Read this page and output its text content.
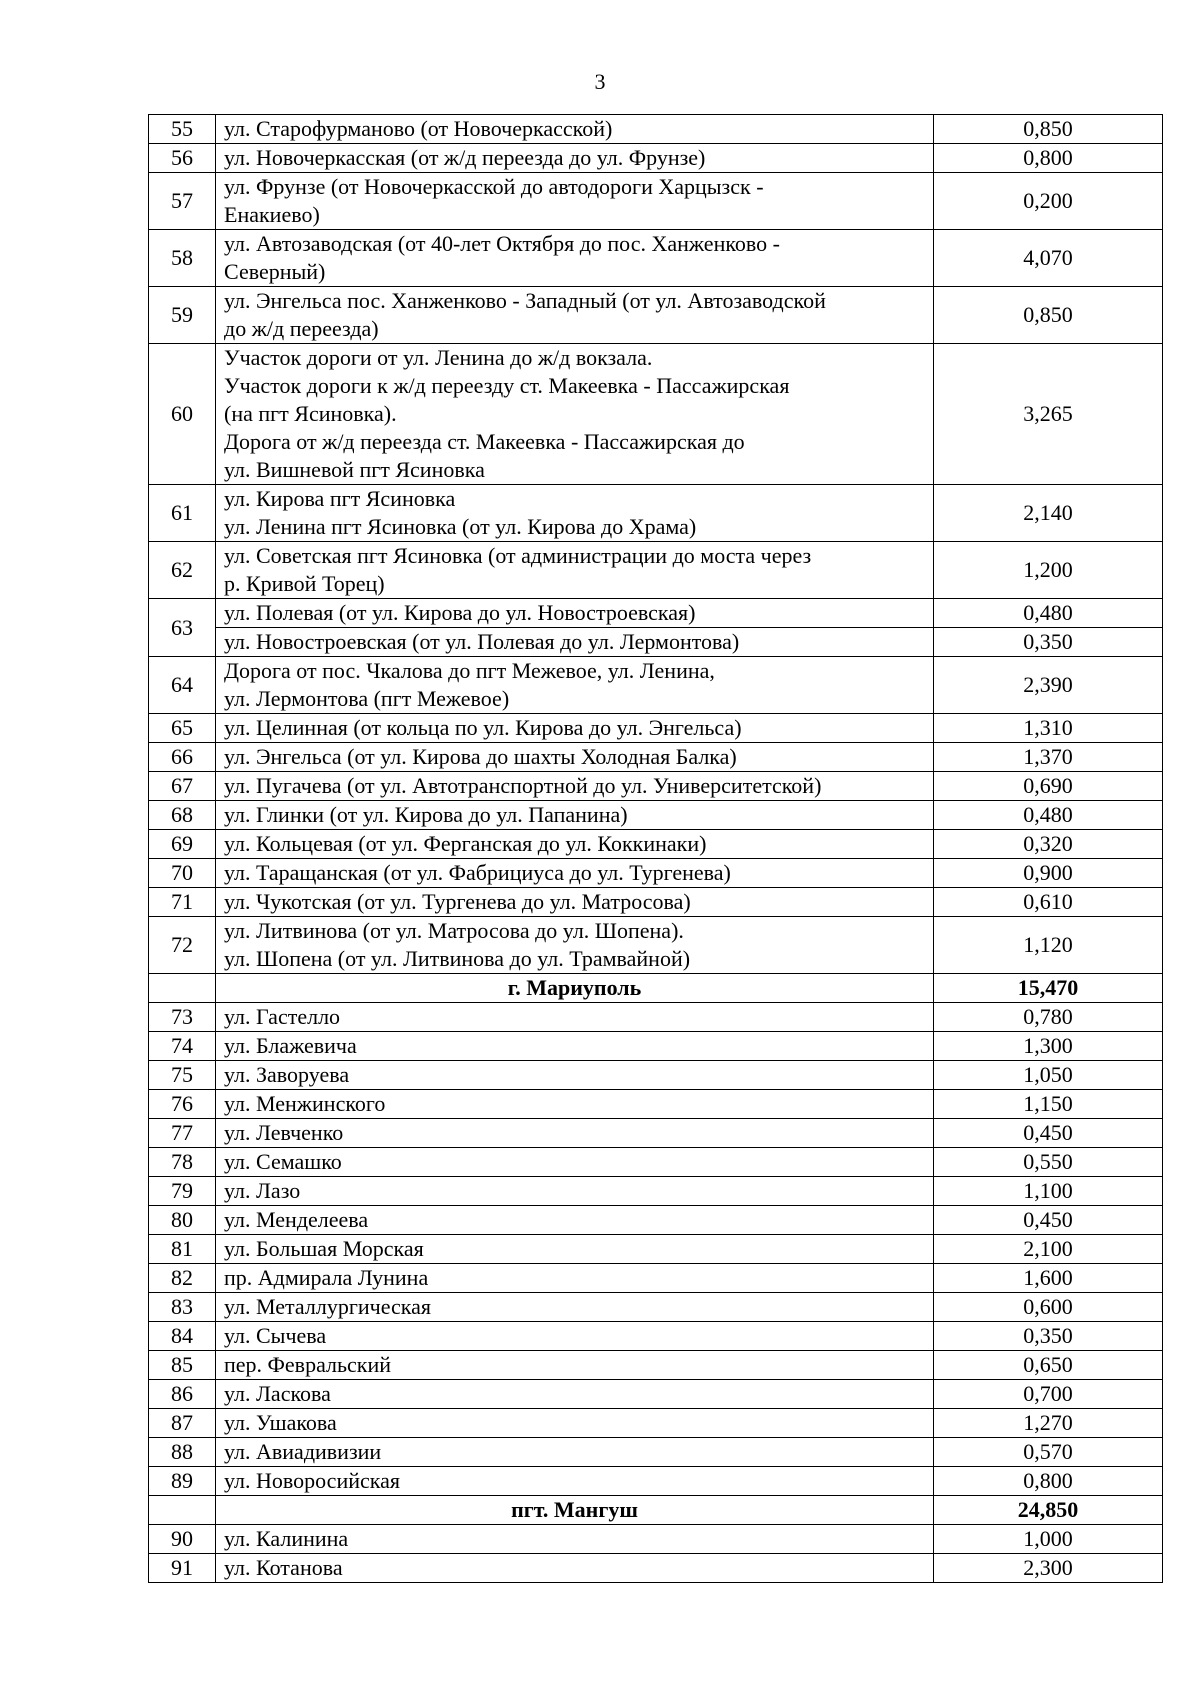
3
55	ул. Старофурманово (от Новочеркасской)	0,850
56	ул. Новочеркасская (от ж/д переезда до ул. Фрунзе)	0,800
57	ул. Фрунзе (от Новочеркасской до автодороги Харцызск -
Енакиево)	0,200
58	ул. Автозаводская (от 40-лет Октября до пос. Ханженково -
Северный)	4,070
59	ул. Энгельса пос. Ханженково - Западный (от ул. Автозаводской
до ж/д переезда)	0,850
60	Участок дороги от ул. Ленина до ж/д вокзала.
Участок дороги к ж/д переезду ст. Макеевка - Пассажирская
(на пгт Ясиновка).
Дорога от ж/д переезда ст. Макеевка - Пассажирская до
ул. Вишневой пгт Ясиновка	3,265
61	ул. Кирова пгт Ясиновка
ул. Ленина пгт Ясиновка (от ул. Кирова до Храма)	2,140
62	ул. Советская пгт Ясиновка (от администрации до моста через
р. Кривой Торец)	1,200
63	ул. Полевая (от ул. Кирова до ул. Новостроевская)	0,480

	ул. Новостроевская (от ул. Полевая до ул. Лермонтова)	0,350
64	Дорога от пос. Чкалова до пгт Межевое, ул. Ленина,
ул. Лермонтова (пгт Межевое)	2,390
65	ул. Целинная (от кольца по ул. Кирова до ул. Энгельса)	1,310
66	ул. Энгельса (от ул. Кирова до шахты Холодная Балка)	1,370
67	ул. Пугачева (от ул. Автотранспортной до ул. Университетской)	0,690
68	ул. Глинки (от ул. Кирова до ул. Папанина)	0,480
69	ул. Кольцевая (от ул. Ферганская до ул. Коккинаки)	0,320
70	ул. Таращанская (от ул. Фабрициуса до ул. Тургенева)	0,900
71	ул. Чукотская (от ул. Тургенева до ул. Матросова)	0,610
72	ул. Литвинова (от ул. Матросова до ул. Шопена).
ул. Шопена (от ул. Литвинова до ул. Трамвайной)	1,120

	г. Мариуполь	15,470
73	ул. Гастелло	0,780
74	ул. Блажевича	1,300
75	ул. Заворуева	1,050
76	ул. Менжинского	1,150
77	ул. Левченко	0,450
78	ул. Семашко	0,550
79	ул. Лазо	1,100
80	ул. Менделеева	0,450
81	ул. Большая Морская	2,100
82	пр. Адмирала Лунина	1,600
83	ул. Металлургическая	0,600
84	ул. Сычева	0,350
85	пер. Февральский	0,650
86	ул. Ласкова	0,700
87	ул. Ушакова	1,270
88	ул. Авиадивизии	0,570
89	ул. Новоросийская	0,800

	пгт. Мангуш	24,850
90	ул. Калинина	1,000
91	ул. Котанова	2,300
